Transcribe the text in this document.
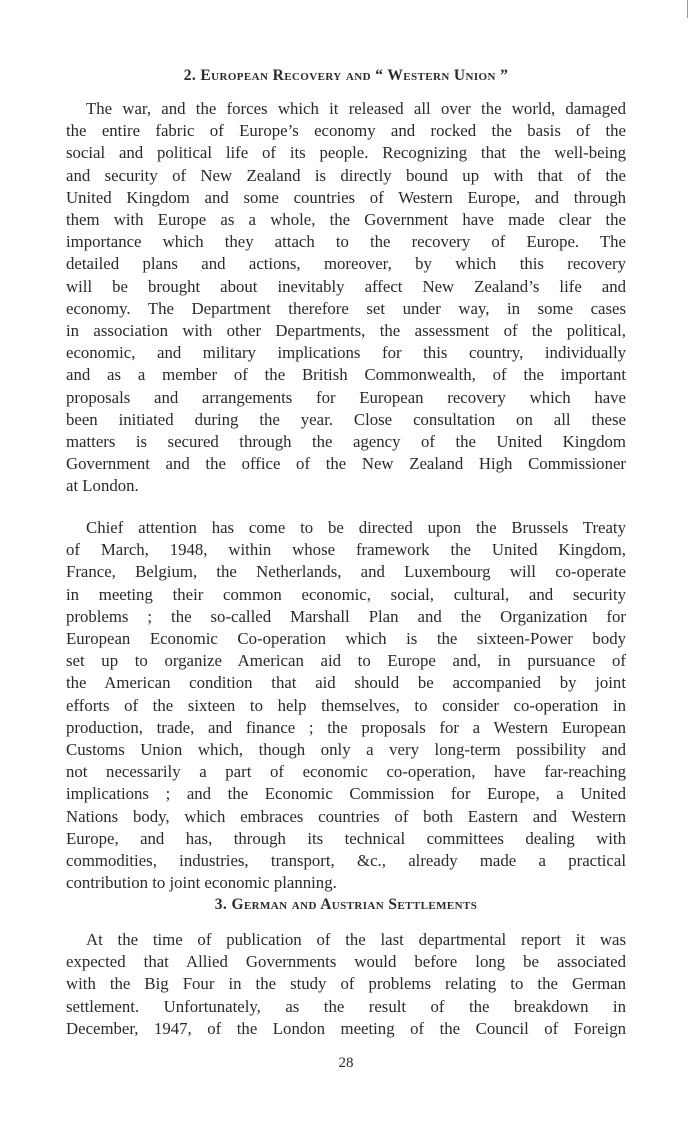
2. European Recovery and “ Western Union ”
The war, and the forces which it released all over the world, damaged
the entire fabric of Europe’s economy and rocked the basis of the
social and political life of its people. Recognizing that the well-being
and security of New Zealand is directly bound up with that of the
United Kingdom and some countries of Western Europe, and through
them with Europe as a whole, the Government have made clear the
importance which they attach to the recovery of Europe. The
detailed plans and actions, moreover, by which this recovery
will be brought about inevitably affect New Zealand’s life and
economy. The Department therefore set under way, in some cases
in association with other Departments, the assessment of the political,
economic, and military implications for this country, individually
and as a member of the British Commonwealth, of the important
proposals and arrangements for European recovery which have
been initiated during the year. Close consultation on all these
matters is secured through the agency of the United Kingdom
Government and the office of the New Zealand High Commissioner
at London.
Chief attention has come to be directed upon the Brussels Treaty
of March, 1948, within whose framework the United Kingdom,
France, Belgium, the Netherlands, and Luxembourg will co-operate
in meeting their common economic, social, cultural, and security
problems ; the so-called Marshall Plan and the Organization for
European Economic Co-operation which is the sixteen-Power body
set up to organize American aid to Europe and, in pursuance of
the American condition that aid should be accompanied by joint
efforts of the sixteen to help themselves, to consider co-operation in
production, trade, and finance ; the proposals for a Western European
Customs Union which, though only a very long-term possibility and
not necessarily a part of economic co-operation, have far-reaching
implications ; and the Economic Commission for Europe, a United
Nations body, which embraces countries of both Eastern and Western
Europe, and has, through its technical committees dealing with
commodities, industries, transport, &c., already made a practical
contribution to joint economic planning.
3. German and Austrian Settlements
At the time of publication of the last departmental report it was
expected that Allied Governments would before long be associated
with the Big Four in the study of problems relating to the German
settlement. Unfortunately, as the result of the breakdown in
December, 1947, of the London meeting of the Council of Foreign
28
